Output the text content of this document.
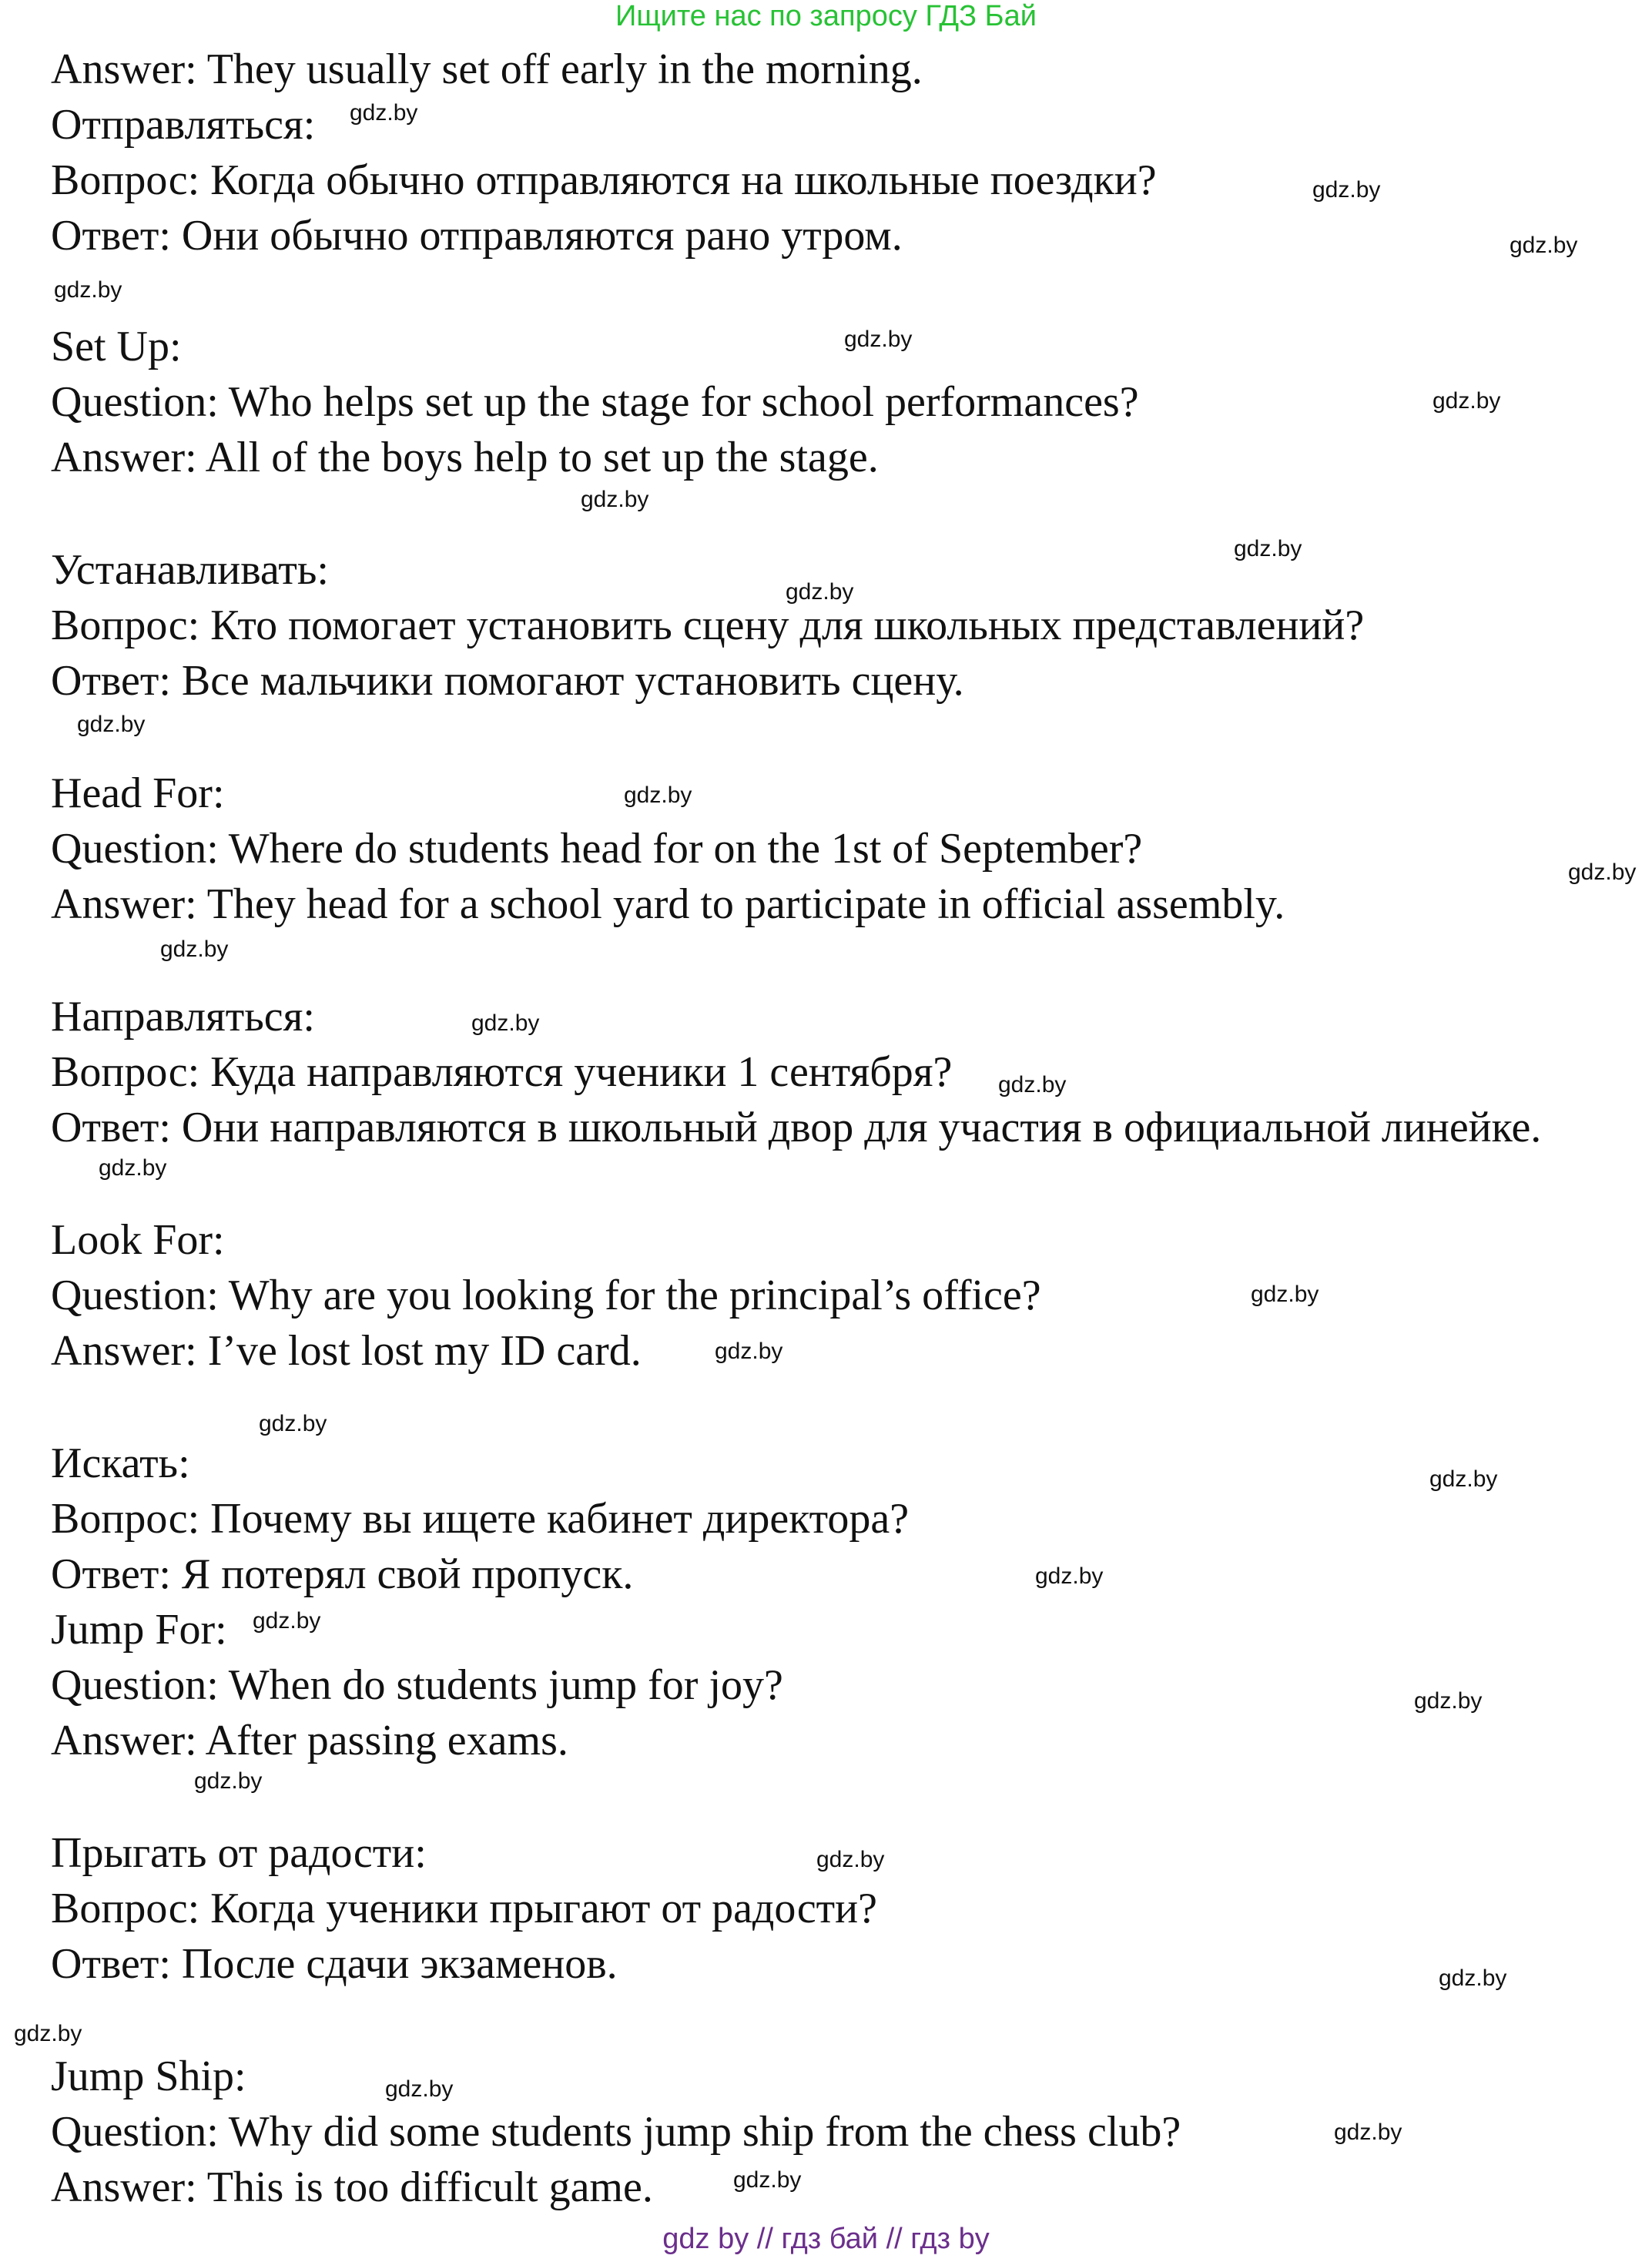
Ищите нас по запросу ГДЗ Бай
Answer: They usually set off early in the morning.
Отправляться:
Вопрос: Когда обычно отправляются на школьные поездки?
Ответ: Они обычно отправляются рано утром.
Set Up:
Question: Who helps set up the stage for school performances?
Answer: All of the boys help to set up the stage.
Устанавливать:
Вопрос: Кто помогает установить сцену для школьных представлений?
Ответ: Все мальчики помогают установить сцену.
Head For:
Question: Where do students head for on the 1st of September?
Answer: They head for a school yard to participate in official assembly.
Направляться:
Вопрос: Куда направляются ученики 1 сентября?
Ответ: Они направляются в школьный двор для участия в официальной линейке.
Look For:
Question: Why are you looking for the principal’s office?
Answer: I’ve lost lost my ID card.
Искать:
Вопрос: Почему вы ищете кабинет директора?
Ответ: Я потерял свой пропуск.
Jump For:
Question: When do students jump for joy?
Answer: After passing exams.
Прыгать от радости:
Вопрос: Когда ученики прыгают от радости?
Ответ: После сдачи экзаменов.
Jump Ship:
Question: Why did some students jump ship from the chess club?
Answer: This is too difficult game.
gdz.by
gdz.by
gdz.by
gdz.by
gdz.by
gdz.by
gdz.by
gdz.by
gdz.by
gdz.by
gdz.by
gdz.by
gdz.by
gdz.by
gdz.by
gdz.by
gdz.by
gdz.by
gdz.by
gdz.by
gdz.by
gdz.by
gdz.by
gdz.by
gdz.by
gdz.by
gdz.by
gdz.by
gdz.by
gdz.by
gdz by // гдз бай // гдз by
